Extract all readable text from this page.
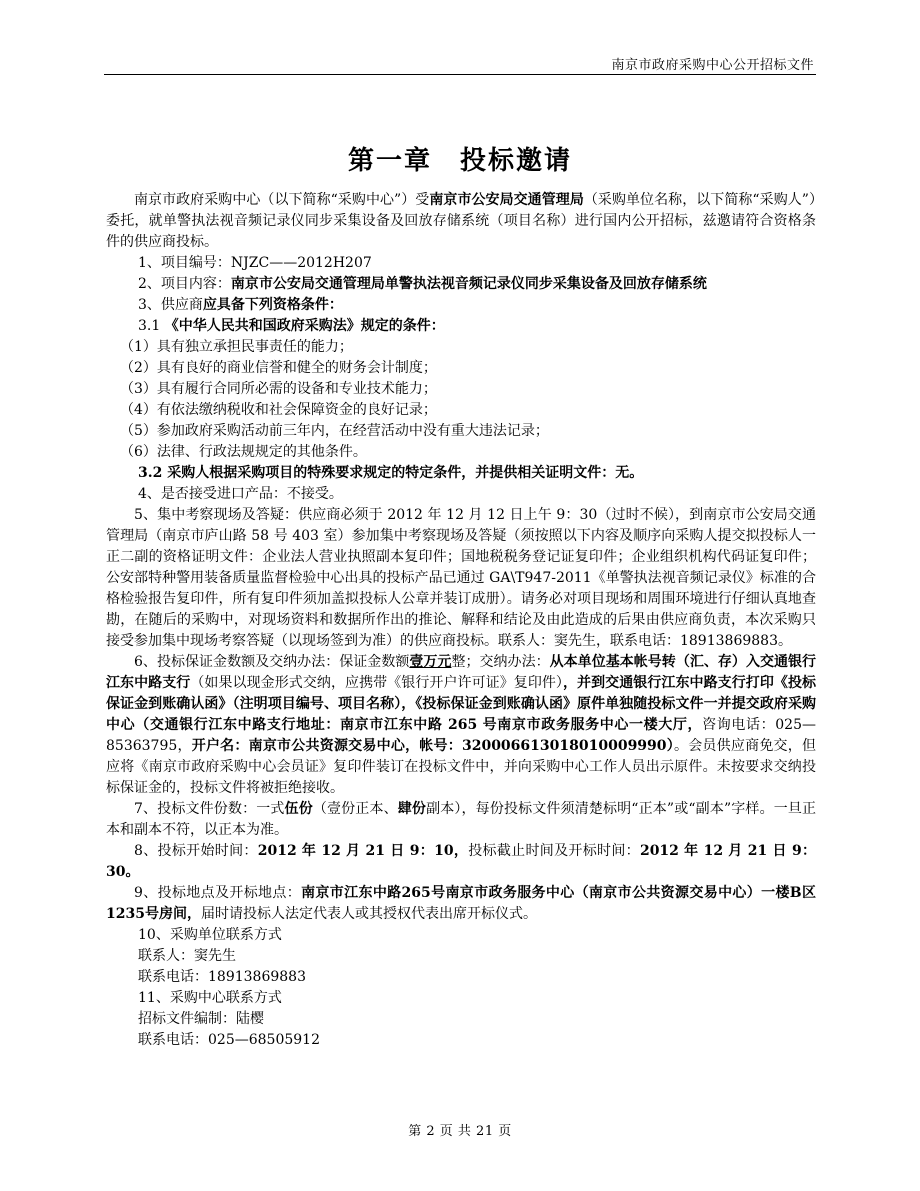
南京市政府采购中心公开招标文件
第一章　投标邀请

南京市政府采购中心（以下简称“采购中心”）受南京市公安局交通管理局（采购单位名称，以下简称“采购人”）委托，就单警执法视音频记录仪同步采集设备及回放存储系统（项目名称）进行国内公开招标，兹邀请符合资格条件的供应商投标。

1、项目编号：NJZC——2012H207

2、项目内容：南京市公安局交通管理局单警执法视音频记录仪同步采集设备及回放存储系统

3、供应商应具备下列资格条件：

3.1 《中华人民共和国政府采购法》规定的条件：

（1）具有独立承担民事责任的能力；

（2）具有良好的商业信誉和健全的财务会计制度；

（3）具有履行合同所必需的设备和专业技术能力；

（4）有依法缴纳税收和社会保障资金的良好记录；

（5）参加政府采购活动前三年内，在经营活动中没有重大违法记录；

（6）法律、行政法规规定的其他条件。

3.2 采购人根据采购项目的特殊要求规定的特定条件，并提供相关证明文件：无。

4、是否接受进口产品：不接受。

5、集中考察现场及答疑：供应商必须于 2012 年 12 月 12 日上午 9：30（过时不候），到南京市公安局交通管理局（南京市庐山路 58 号 403 室）参加集中考察现场及答疑（须按照以下内容及顺序向采购人提交拟投标人一正二副的资格证明文件：企业法人营业执照副本复印件；国地税税务登记证复印件；企业组织机构代码证复印件；公安部特种警用装备质量监督检验中心出具的投标产品已通过 GA\T947-2011《单警执法视音频记录仪》标准的合格检验报告复印件，所有复印件须加盖拟投标人公章并装订成册）。请务必对项目现场和周围环境进行仔细认真地查勘，在随后的采购中，对现场资料和数据所作出的推论、解释和结论及由此造成的后果由供应商负责，本次采购只接受参加集中现场考察答疑（以现场签到为准）的供应商投标。联系人：窦先生，联系电话：18913869883。

6、投标保证金数额及交纳办法：保证金数额壹万元整；交纳办法：从本单位基本帐号转（汇、存）入交通银行江东中路支行（如果以现金形式交纳，应携带《银行开户许可证》复印件），并到交通银行江东中路支行打印《投标保证金到账确认函》（注明项目编号、项目名称），《投标保证金到账确认函》原件单独随投标文件一并提交政府采购中心（交通银行江东中路支行地址：南京市江东中路 265 号南京市政务服务中心一楼大厅，咨询电话：025—85363795，开户名：南京市公共资源交易中心，帐号：320006613018010009990）。会员供应商免交，但应将《南京市政府采购中心会员证》复印件装订在投标文件中，并向采购中心工作人员出示原件。未按要求交纳投标保证金的，投标文件将被拒绝接收。

7、投标文件份数：一式伍份（壹份正本、肆份副本），每份投标文件须清楚标明“正本”或“副本”字样。一旦正本和副本不符，以正本为准。

8、投标开始时间：2012 年 12 月 21 日 9：10，投标截止时间及开标时间：2012 年 12 月 21 日 9：30。

9、投标地点及开标地点：南京市江东中路265号南京市政务服务中心（南京市公共资源交易中心）一楼B区1235号房间，届时请投标人法定代表人或其授权代表出席开标仪式。

10、采购单位联系方式

联系人：窦先生

联系电话：18913869883

11、采购中心联系方式

招标文件编制：陆樱

联系电话：025—68505912

第 2 页 共 21 页
